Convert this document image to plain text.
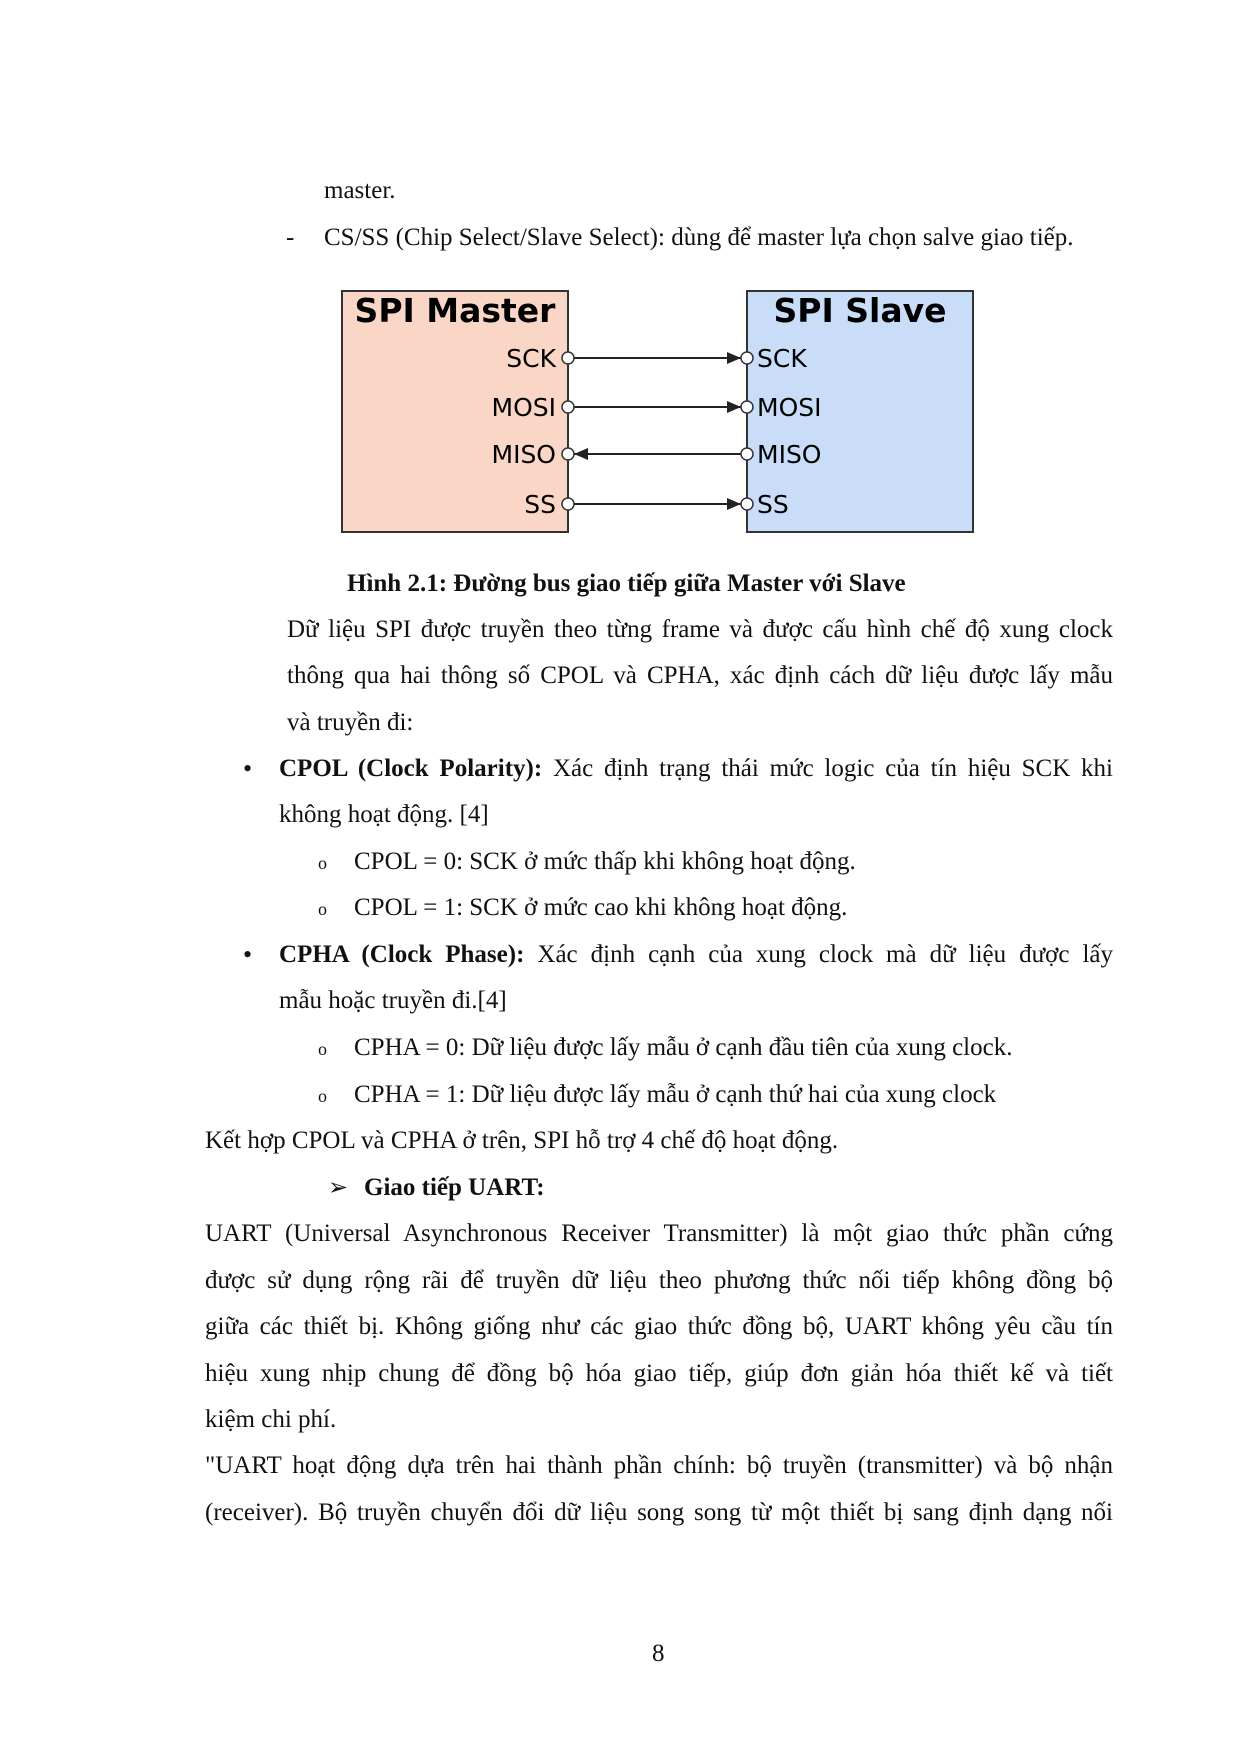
master.
- CS/SS (Chip Select/Slave Select): dùng để master lựa chọn salve giao tiếp.
SPI Master	SPI Slave
SCK	SCK
MOSI	MOSI
MISO	MISO
SS	SS
Hình 2.1: Đường bus giao tiếp giữa Master với Slave
Dữ liệu SPI được truyền theo từng frame và được cấu hình chế độ xung clock
thông qua hai thông số CPOL và CPHA, xác định cách dữ liệu được lấy mẫu
và truyền đi:
• CPOL (Clock Polarity): Xác định trạng thái mức logic của tín hiệu SCK khi
không hoạt động. [4]
o CPOL = 0: SCK ở mức thấp khi không hoạt động.
o CPOL = 1: SCK ở mức cao khi không hoạt động.
• CPHA (Clock Phase): Xác định cạnh của xung clock mà dữ liệu được lấy
mẫu hoặc truyền đi.[4]
o CPHA = 0: Dữ liệu được lấy mẫu ở cạnh đầu tiên của xung clock.
o CPHA = 1: Dữ liệu được lấy mẫu ở cạnh thứ hai của xung clock
Kết hợp CPOL và CPHA ở trên, SPI hỗ trợ 4 chế độ hoạt động.
➢ Giao tiếp UART:
UART (Universal Asynchronous Receiver Transmitter) là một giao thức phần cứng
được sử dụng rộng rãi để truyền dữ liệu theo phương thức nối tiếp không đồng bộ
giữa các thiết bị. Không giống như các giao thức đồng bộ, UART không yêu cầu tín
hiệu xung nhịp chung để đồng bộ hóa giao tiếp, giúp đơn giản hóa thiết kế và tiết
kiệm chi phí.
"UART hoạt động dựa trên hai thành phần chính: bộ truyền (transmitter) và bộ nhận
(receiver). Bộ truyền chuyển đổi dữ liệu song song từ một thiết bị sang định dạng nối
8
